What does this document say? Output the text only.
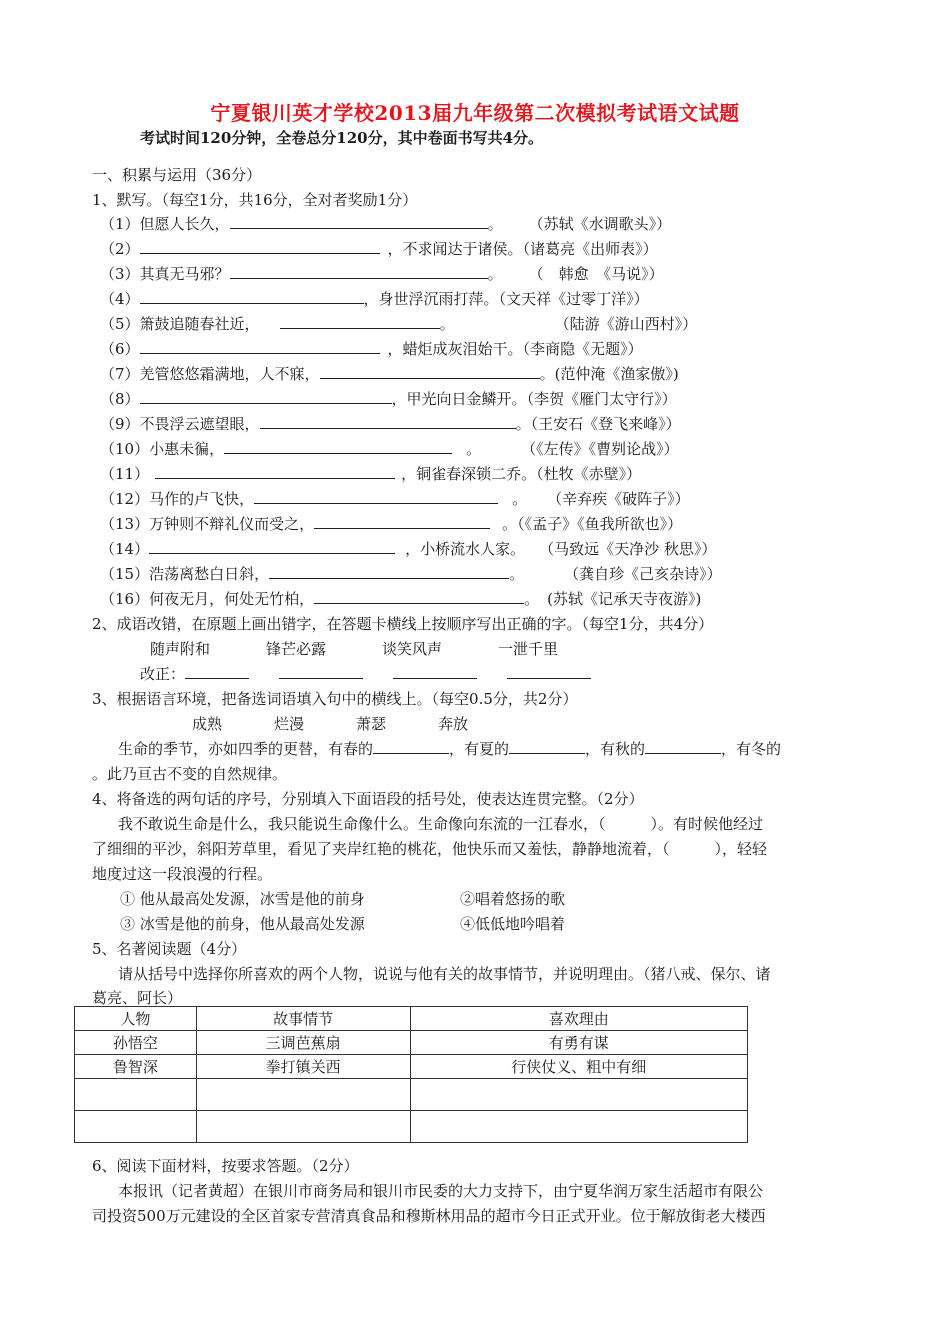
宁夏银川英才学校2013届九年级第二次模拟考试语文试题
考试时间120分钟，全卷总分120分，其中卷面书写共4分。
一、积累与运用（36分）
1、默写。（每空1分，共16分，全对者奖励1分）
（1）但愿人长久，	。 （苏轼《水调歌头》）
（2）	，不求闻达于诸侯。（诸葛亮《出师表》）
（3）其真无马邪？	。 （　韩愈　《马说》）
（4）	，身世浮沉雨打萍。（文天祥《过零丁洋》）
（5）箫鼓追随春社近，	。	（陆游《游山西村》）
（6）	，蜡炬成灰泪始干。（李商隐《无题》）
（7）羌管悠悠霜满地，人不寐，	。(范仲淹《渔家傲》)
（8）	，甲光向日金鳞开。（李贺《雁门太守行》）
（9）不畏浮云遮望眼，	。（王安石《登飞来峰》）
（10）小惠未徧，	。	（《左传》《曹刿论战》）
（11）	，铜雀春深锁二乔。（杜牧《赤壁》）
（12）马作的卢飞快，	。 （辛弃疾《破阵子》）
（13）万钟则不辩礼仪而受之，	。（《孟子》《鱼我所欲也》）
（14）	，小桥流水人家。 （马致远《天净沙 秋思》）
（15）浩荡离愁白日斜，	。	（龚自珍《己亥杂诗》）
（16）何夜无月，何处无竹柏，	。 (苏轼《记承天寺夜游》)
2、成语改错，在原题上画出错字，在答题卡横线上按顺序写出正确的字。（每空1分，共4分）
随声附和	锋芒必露	谈笑风声	一泄千里
改正：
3、根据语言环境，把备选词语填入句中的横线上。（每空0.5分，共2分）
成熟	烂漫	萧瑟	奔放
生命的季节，亦如四季的更替，有春的	，有夏的	，有秋的	，有冬的
。此乃亘古不变的自然规律。
4、将备选的两句话的序号，分别填入下面语段的括号处，使表达连贯完整。（2分）
我不敢说生命是什么，我只能说生命像什么。生命像向东流的一江春水，（　　　）。有时候他经过
了细细的平沙，斜阳芳草里，看见了夹岸红艳的桃花，他快乐而又羞怯，静静地流着，（　　　），轻轻
地度过这一段浪漫的行程。
① 他从最高处发源，冰雪是他的前身	②唱着悠扬的歌
③ 冰雪是他的前身，他从最高处发源	④低低地吟唱着
5、名著阅读题（4分）
请从括号中选择你所喜欢的两个人物，说说与他有关的故事情节，并说明理由。（猪八戒、保尔、诸
葛亮、阿长）
人物	故事情节	喜欢理由
孙悟空	三调芭蕉扇	有勇有谋
鲁智深	拳打镇关西	行侠仗义、粗中有细

6、阅读下面材料，按要求答题。（2分）
本报讯（记者黄超）在银川市商务局和银川市民委的大力支持下，由宁夏华润万家生活超市有限公
司投资500万元建设的全区首家专营清真食品和穆斯林用品的超市今日正式开业。位于解放街老大楼西
